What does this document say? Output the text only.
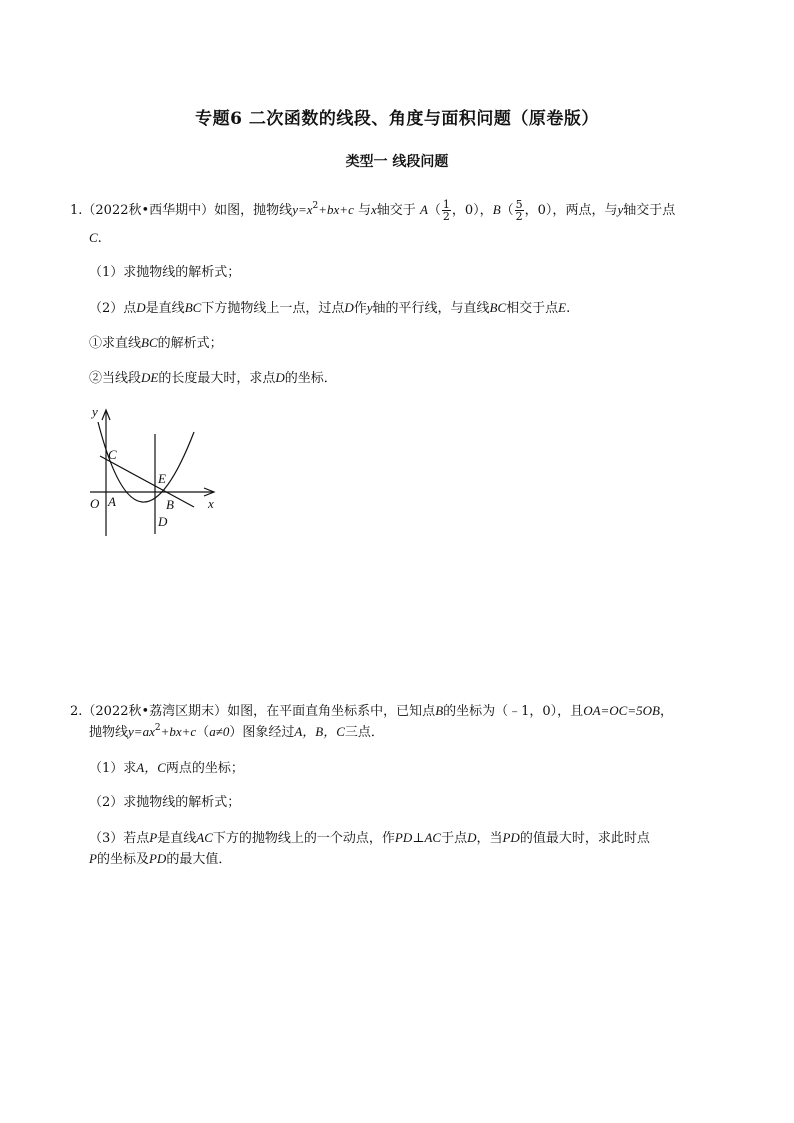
专题6 二次函数的线段、角度与面积问题（原卷版）
类型一 线段问题
1.（2022秋•西华期中）如图，抛物线$y=x^2+bx+c$ 与x轴交于 $A( \frac{1}{2}$ ，0），$B( \frac{5}{2}$ ，0），两点，与y轴交于点
C.
（1）求抛物线的解析式；
（2）点D是直线BC下方抛物线上一点，过点D作y轴的平行线，与直线BC相交于点E.
①求直线BC的解析式；
②当线段DE的长度最大时，求点D的坐标．
y
x
O A	B
C
D
E
2.（2022秋•荔湾区期末）如图，在平面直角坐标系中，已知点B的坐标为（﹣1，0），且OA=OC=5OB，
抛物线$y=ax^2+bx+c(a\ne 0)$图象经过A，B，C三点．
（1）求A，C两点的坐标；
（2）求抛物线的解析式；
（3）若点P是直线AC下方的抛物线上的一个动点，作PD⊥AC于点D，当PD的值最大时，求此时点
P的坐标及PD的最大值．
